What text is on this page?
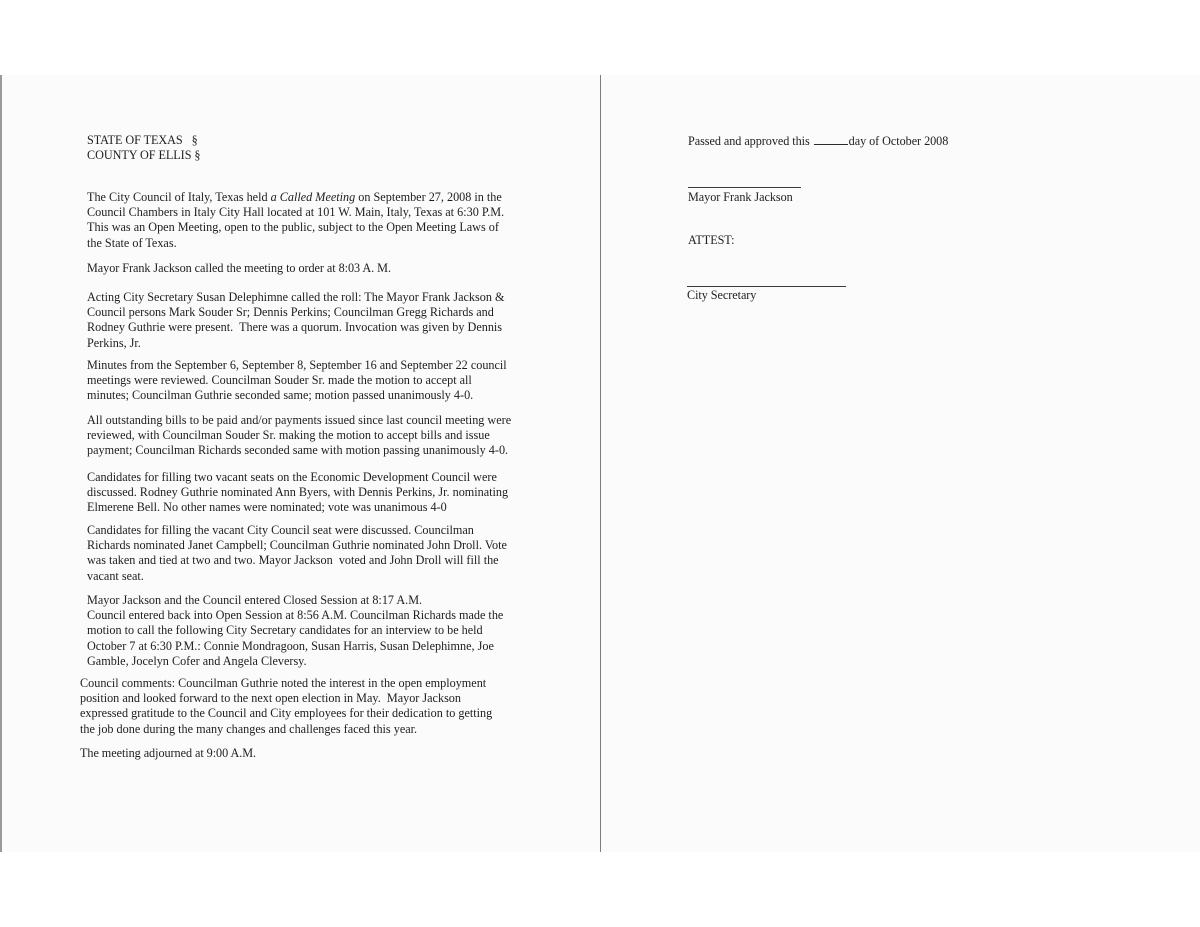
STATE OF TEXAS   §
COUNTY OF ELLIS §
The City Council of Italy, Texas held a Called Meeting on September 27, 2008 in the
Council Chambers in Italy City Hall located at 101 W. Main, Italy, Texas at 6:30 P.M.
This was an Open Meeting, open to the public, subject to the Open Meeting Laws of
the State of Texas.
Mayor Frank Jackson called the meeting to order at 8:03 A. M.
Acting City Secretary Susan Delephimne called the roll: The Mayor Frank Jackson &
Council persons Mark Souder Sr; Dennis Perkins; Councilman Gregg Richards and
Rodney Guthrie were present.  There was a quorum. Invocation was given by Dennis
Perkins, Jr.
Minutes from the September 6, September 8, September 16 and September 22 council
meetings were reviewed. Councilman Souder Sr. made the motion to accept all
minutes; Councilman Guthrie seconded same; motion passed unanimously 4-0.
All outstanding bills to be paid and/or payments issued since last council meeting were
reviewed, with Councilman Souder Sr. making the motion to accept bills and issue
payment; Councilman Richards seconded same with motion passing unanimously 4-0.
Candidates for filling two vacant seats on the Economic Development Council were
discussed. Rodney Guthrie nominated Ann Byers, with Dennis Perkins, Jr. nominating
Elmerene Bell. No other names were nominated; vote was unanimous 4-0
Candidates for filling the vacant City Council seat were discussed. Councilman
Richards nominated Janet Campbell; Councilman Guthrie nominated John Droll. Vote
was taken and tied at two and two. Mayor Jackson  voted and John Droll will fill the
vacant seat.
Mayor Jackson and the Council entered Closed Session at 8:17 A.M.
Council entered back into Open Session at 8:56 A.M. Councilman Richards made the
motion to call the following City Secretary candidates for an interview to be held
October 7 at 6:30 P.M.: Connie Mondragoon, Susan Harris, Susan Delephimne, Joe
Gamble, Jocelyn Cofer and Angela Cleversy.
Council comments: Councilman Guthrie noted the interest in the open employment
position and looked forward to the next open election in May.  Mayor Jackson
expressed gratitude to the Council and City employees for their dedication to getting
the job done during the many changes and challenges faced this year.
The meeting adjourned at 9:00 A.M.
Passed and approved this	day of October 2008
Mayor Frank Jackson
ATTEST:
City Secretary
